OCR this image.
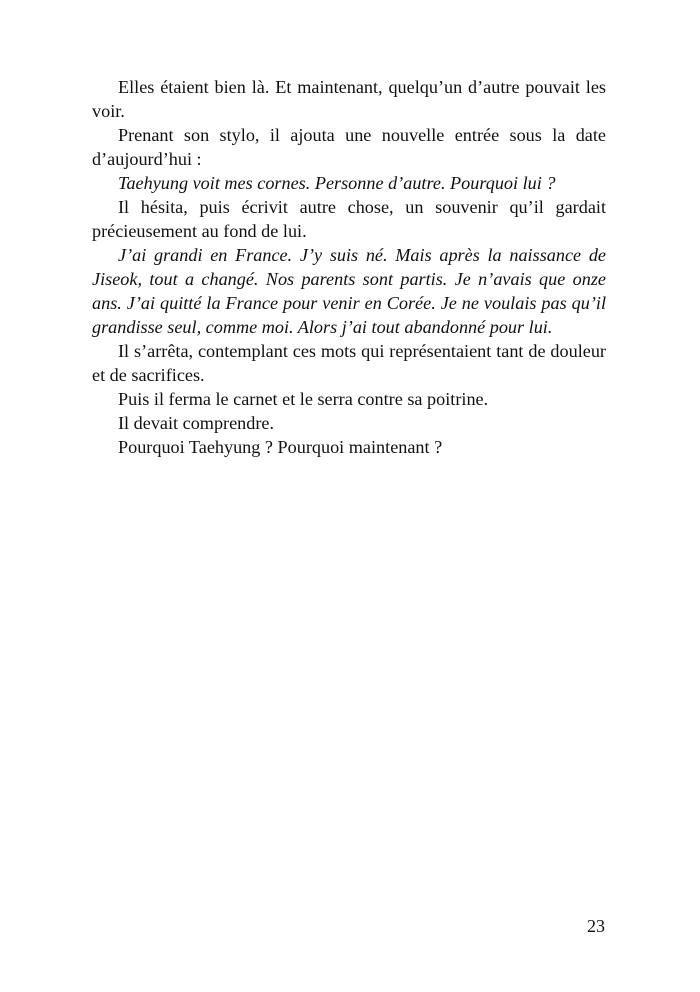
Elles étaient bien là. Et maintenant, quelqu’un d’autre pouvait les voir.

Prenant son stylo, il ajouta une nouvelle entrée sous la date d’aujourd’hui :

Taehyung voit mes cornes. Personne d’autre. Pourquoi lui ?

Il hésita, puis écrivit autre chose, un souvenir qu’il gardait précieusement au fond de lui.

J’ai grandi en France. J’y suis né. Mais après la naissance de Jiseok, tout a changé. Nos parents sont partis. Je n’avais que onze ans. J’ai quitté la France pour venir en Corée. Je ne voulais pas qu’il grandisse seul, comme moi. Alors j’ai tout abandonné pour lui.

Il s’arrêta, contemplant ces mots qui représentaient tant de douleur et de sacrifices.

Puis il ferma le carnet et le serra contre sa poitrine.

Il devait comprendre.

Pourquoi Taehyung ? Pourquoi maintenant ?

23
